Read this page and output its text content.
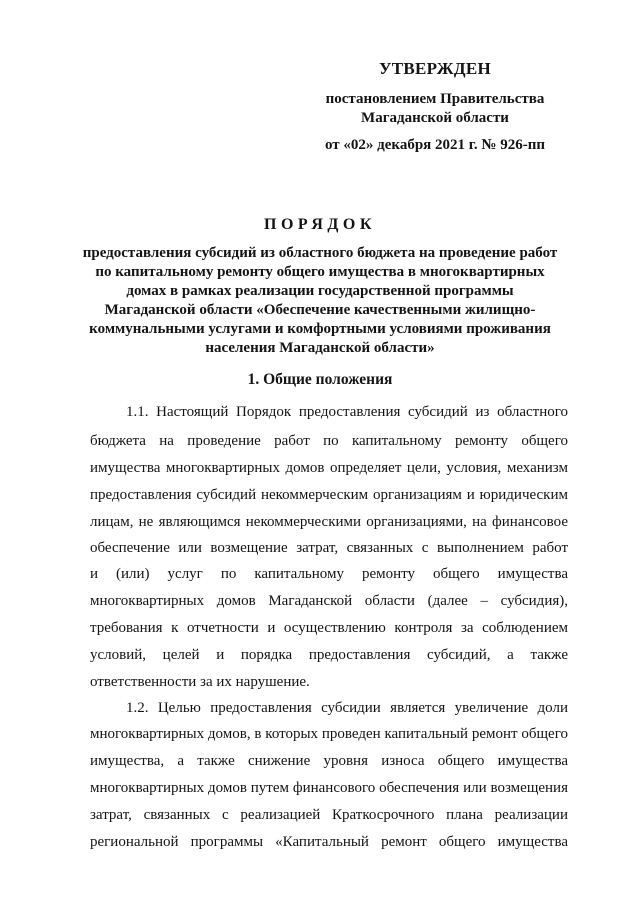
УТВЕРЖДЕН
постановлением Правительства
Магаданской области
от «02» декабря 2021 г. № 926-пп
ПОРЯДОК
предоставления субсидий из областного бюджета на проведение работ
по капитальному ремонту общего имущества в многоквартирных
домах в рамках реализации государственной программы
Магаданской области «Обеспечение качественными жилищно-
коммунальными услугами и комфортными условиями проживания
населения Магаданской области»
1. Общие положения
1.1. Настоящий Порядок предоставления субсидий из областного
бюджета на проведение работ по капитальному ремонту общего
имущества многоквартирных домов определяет цели, условия, механизм
предоставления субсидий некоммерческим организациям и юридическим
лицам, не являющимся некоммерческими организациями, на финансовое
обеспечение или возмещение затрат, связанных с выполнением работ
и (или) услуг по капитальному ремонту общего имущества
многоквартирных домов Магаданской области (далее – субсидия),
требования к отчетности и осуществлению контроля за соблюдением
условий, целей и порядка предоставления субсидий, а также
ответственности за их нарушение.
1.2. Целью предоставления субсидии является увеличение доли
многоквартирных домов, в которых проведен капитальный ремонт общего
имущества, а также снижение уровня износа общего имущества
многоквартирных домов путем финансового обеспечения или возмещения
затрат, связанных с реализацией Краткосрочного плана реализации
региональной программы «Капитальный ремонт общего имущества
